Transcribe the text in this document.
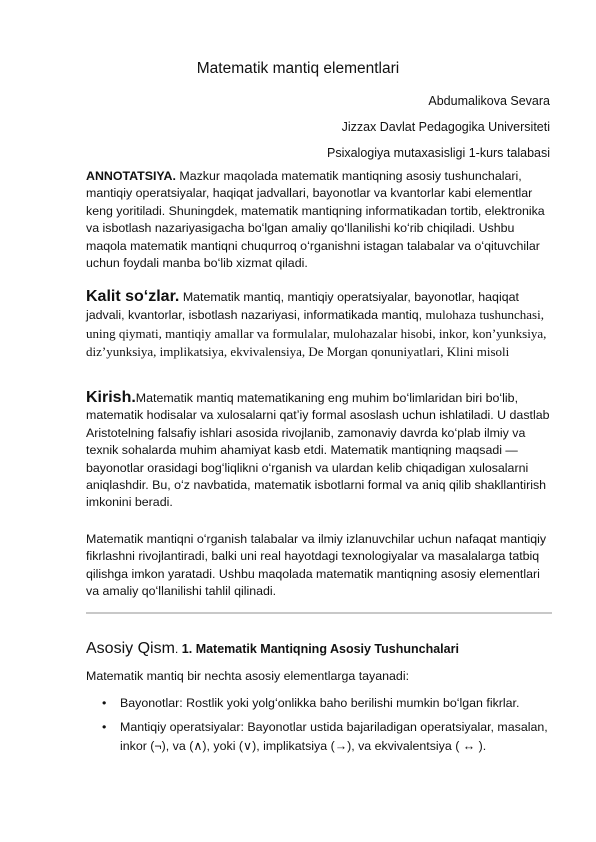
Matematik mantiq elementlari
Abdumalikova Sevara
Jizzax Davlat Pedagogika Universiteti
Psixalogiya mutaxasisligi 1-kurs talabasi

ANNOTATSIYA. Mazkur maqolada matematik mantiqning asosiy tushunchalari, mantiqiy operatsiyalar, haqiqat jadvallari, bayonotlar va kvantorlar kabi elementlar keng yoritiladi. Shuningdek, matematik mantiqning informatikadan tortib, elektronika va isbotlash nazariyasigacha boʻlgan amaliy qoʻllanilishi koʻrib chiqiladi. Ushbu maqola matematik mantiqni chuqurroq oʻrganishni istagan talabalar va oʻqituvchilar uchun foydali manba boʻlib xizmat qiladi.

Kalit soʻzlar. Matematik mantiq, mantiqiy operatsiyalar, bayonotlar, haqiqat jadvali, kvantorlar, isbotlash nazariyasi, informatikada mantiq, mulohaza tushunchasi, uning qiymati, mantiqiy amallar va formulalar, mulohazalar hisobi, inkor, kon’yunksiya, diz’yunksiya, implikatsiya, ekvivalensiya, De Morgan qonuniyatlari, Klini misoli

Kirish.Matematik mantiq matematikaning eng muhim boʻlimlaridan biri boʻlib, matematik hodisalar va xulosalarni qatʼiy formal asoslash uchun ishlatiladi. U dastlab Aristotelning falsafiy ishlari asosida rivojlanib, zamonaviy davrda koʻplab ilmiy va texnik sohalarda muhim ahamiyat kasb etdi. Matematik mantiqning maqsadi — bayonotlar orasidagi bogʻliqlikni oʻrganish va ulardan kelib chiqadigan xulosalarni aniqlashdir. Bu, oʻz navbatida, matematik isbotlarni formal va aniq qilib shakllantirish imkonini beradi.

Matematik mantiqni oʻrganish talabalar va ilmiy izlanuvchilar uchun nafaqat mantiqiy fikrlashni rivojlantiradi, balki uni real hayotdagi texnologiyalar va masalalarga tatbiq qilishga imkon yaratadi. Ushbu maqolada matematik mantiqning asosiy elementlari va amaliy qoʻllanilishi tahlil qilinadi.

Asosiy Qism. 1. Matematik Mantiqning Asosiy Tushunchalari

Matematik mantiq bir nechta asosiy elementlarga tayanadi:

• Bayonotlar: Rostlik yoki yolgʻonlikka baho berilishi mumkin boʻlgan fikrlar.
• Mantiqiy operatsiyalar: Bayonotlar ustida bajariladigan operatsiyalar, masalan, inkor (¬), va (∧), yoki (∨), implikatsiya (→), va ekvivalentsiya ( ↔ ).
